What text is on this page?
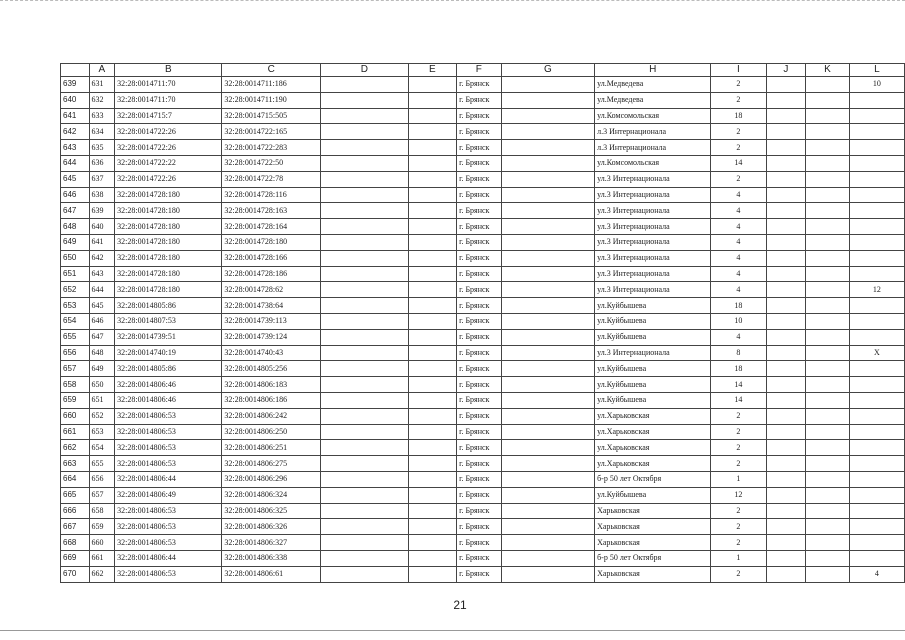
	A	B	C	D	E	F	G	H	I	J	K	L
639	631	32:28:0014711:70	32:28:0014711:186			г. Брянск		ул.Медведева	2			10
640	632	32:28:0014711:70	32:28:0014711:190			г. Брянск		ул.Медведева	2			
641	633	32:28:0014715:7	32:28:0014715:505			г. Брянск		ул.Комсомольская	18			
642	634	32:28:0014722:26	32:28:0014722:165			г. Брянск		л.3 Интернационала	2			
643	635	32:28:0014722:26	32:28:0014722:283			г. Брянск		л.3 Интернационала	2			
644	636	32:28:0014722:22	32:28:0014722:50			г. Брянск		ул.Комсомольская	14			
645	637	32:28:0014722:26	32:28:0014722:78			г. Брянск		ул.3 Интернационала	2			
646	638	32:28:0014728:180	32:28:0014728:116			г. Брянск		ул.3 Интернационала	4			
647	639	32:28:0014728:180	32:28:0014728:163			г. Брянск		ул.3 Интернационала	4			
648	640	32:28:0014728:180	32:28:0014728:164			г. Брянск		ул.3 Интернационала	4			
649	641	32:28:0014728:180	32:28:0014728:180			г. Брянск		ул.3 Интернационала	4			
650	642	32:28:0014728:180	32:28:0014728:166			г. Брянск		ул.3 Интернационала	4			
651	643	32:28:0014728:180	32:28:0014728:186			г. Брянск		ул.3 Интернационала	4			
652	644	32:28:0014728:180	32:28:0014728:62			г. Брянск		ул.3 Интернационала	4			12
653	645	32:28:0014805:86	32:28:0014738:64			г. Брянск		ул.Куйбышева	18			
654	646	32:28:0014807:53	32:28:0014739:113			г. Брянск		ул.Куйбышева	10			
655	647	32:28:0014739:51	32:28:0014739:124			г. Брянск		ул.Куйбышева	4			
656	648	32:28:0014740:19	32:28:0014740:43			г. Брянск		ул.3 Интернационала	8			X
657	649	32:28:0014805:86	32:28:0014805:256			г. Брянск		ул.Куйбышева	18			
658	650	32:28:0014806:46	32:28:0014806:183			г. Брянск		ул.Куйбышева	14			
659	651	32:28:0014806:46	32:28:0014806:186			г. Брянск		ул.Куйбышева	14			
660	652	32:28:0014806:53	32:28:0014806:242			г. Брянск		ул.Харьковская	2			
661	653	32:28:0014806:53	32:28:0014806:250			г. Брянск		ул.Харьковская	2			
662	654	32:28:0014806:53	32:28:0014806:251			г. Брянск		ул.Харьковская	2			
663	655	32:28:0014806:53	32:28:0014806:275			г. Брянск		ул.Харьковская	2			
664	656	32:28:0014806:44	32:28:0014806:296			г. Брянск		б-р 50 лет Октября	1			
665	657	32:28:0014806:49	32:28:0014806:324			г. Брянск		ул.Куйбышева	12			
666	658	32:28:0014806:53	32:28:0014806:325			г. Брянск		Харьковская	2			
667	659	32:28:0014806:53	32:28:0014806:326			г. Брянск		Харьковская	2			
668	660	32:28:0014806:53	32:28:0014806:327			г. Брянск		Харьковская	2			
669	661	32:28:0014806:44	32:28:0014806:338			г. Брянск		б-р 50 лет Октября	1			
670	662	32:28:0014806:53	32:28:0014806:61			г. Брянск		Харьковская	2			4
21
